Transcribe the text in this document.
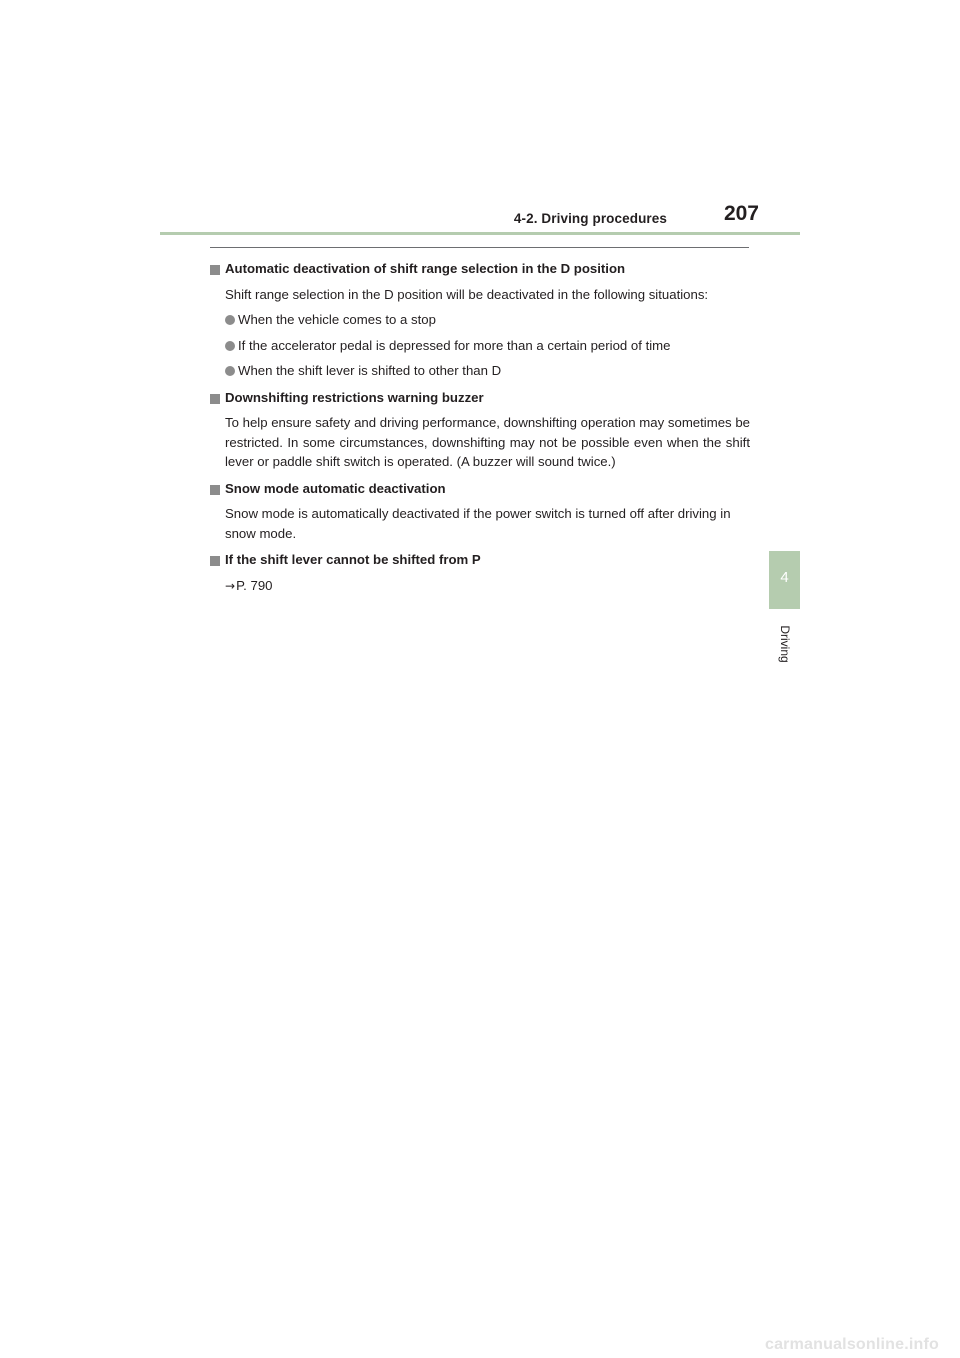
4-2. Driving procedures	207
4
Driving

Automatic deactivation of shift range selection in the D position

Shift range selection in the D position will be deactivated in the following situations:

When the vehicle comes to a stop

If the accelerator pedal is depressed for more than a certain period of time

When the shift lever is shifted to other than D

Downshifting restrictions warning buzzer

To help ensure safety and driving performance, downshifting operation may sometimes be restricted. In some circumstances, downshifting may not be possible even when the shift lever or paddle shift switch is operated. (A buzzer will sound twice.)

Snow mode automatic deactivation

Snow mode is automatically deactivated if the power switch is turned off after driving in snow mode.

If the shift lever cannot be shifted from P

→P. 790

carmanualsonline.info
